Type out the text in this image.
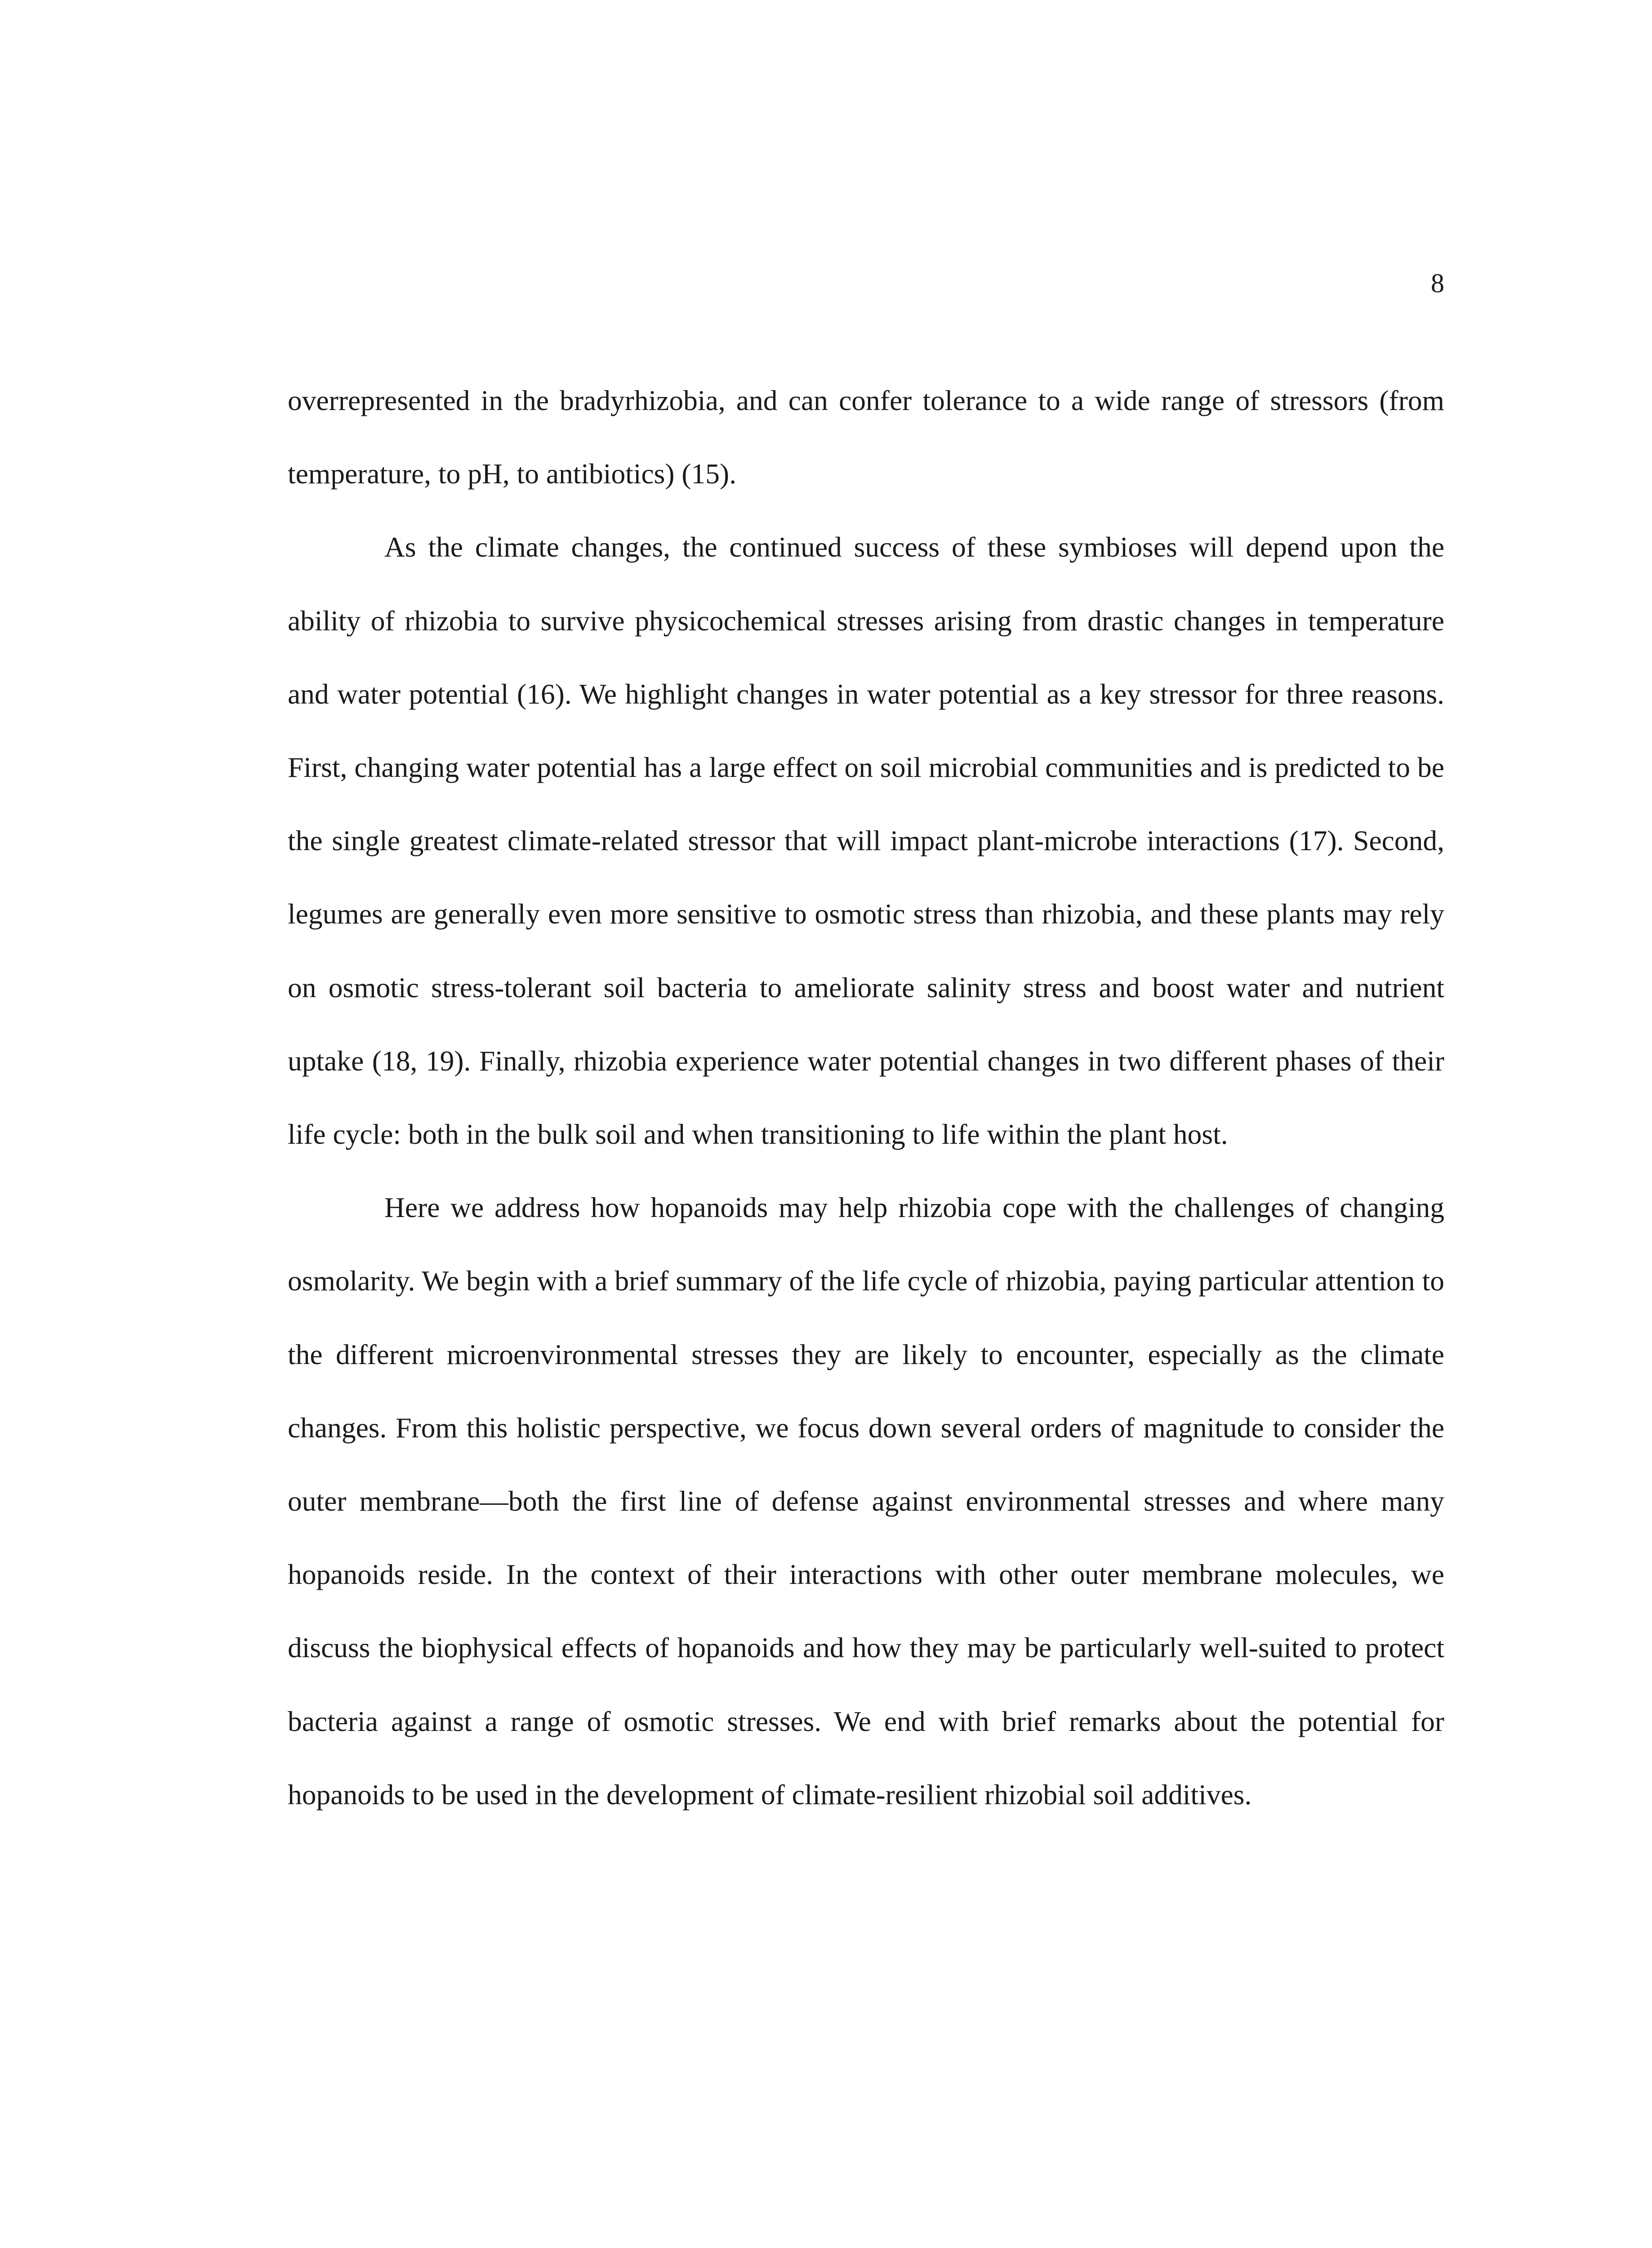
8

overrepresented in the bradyrhizobia, and can confer tolerance to a wide range of stressors (from temperature, to pH, to antibiotics) (15).

As the climate changes, the continued success of these symbioses will depend upon the ability of rhizobia to survive physicochemical stresses arising from drastic changes in temperature and water potential (16). We highlight changes in water potential as a key stressor for three reasons. First, changing water potential has a large effect on soil microbial communities and is predicted to be the single greatest climate-related stressor that will impact plant-microbe interactions (17). Second, legumes are generally even more sensitive to osmotic stress than rhizobia, and these plants may rely on osmotic stress-tolerant soil bacteria to ameliorate salinity stress and boost water and nutrient uptake (18, 19). Finally, rhizobia experience water potential changes in two different phases of their life cycle: both in the bulk soil and when transitioning to life within the plant host.

Here we address how hopanoids may help rhizobia cope with the challenges of changing osmolarity. We begin with a brief summary of the life cycle of rhizobia, paying particular attention to the different microenvironmental stresses they are likely to encounter, especially as the climate changes. From this holistic perspective, we focus down several orders of magnitude to consider the outer membrane—both the first line of defense against environmental stresses and where many hopanoids reside. In the context of their interactions with other outer membrane molecules, we discuss the biophysical effects of hopanoids and how they may be particularly well-suited to protect bacteria against a range of osmotic stresses. We end with brief remarks about the potential for hopanoids to be used in the development of climate-resilient rhizobial soil additives.
